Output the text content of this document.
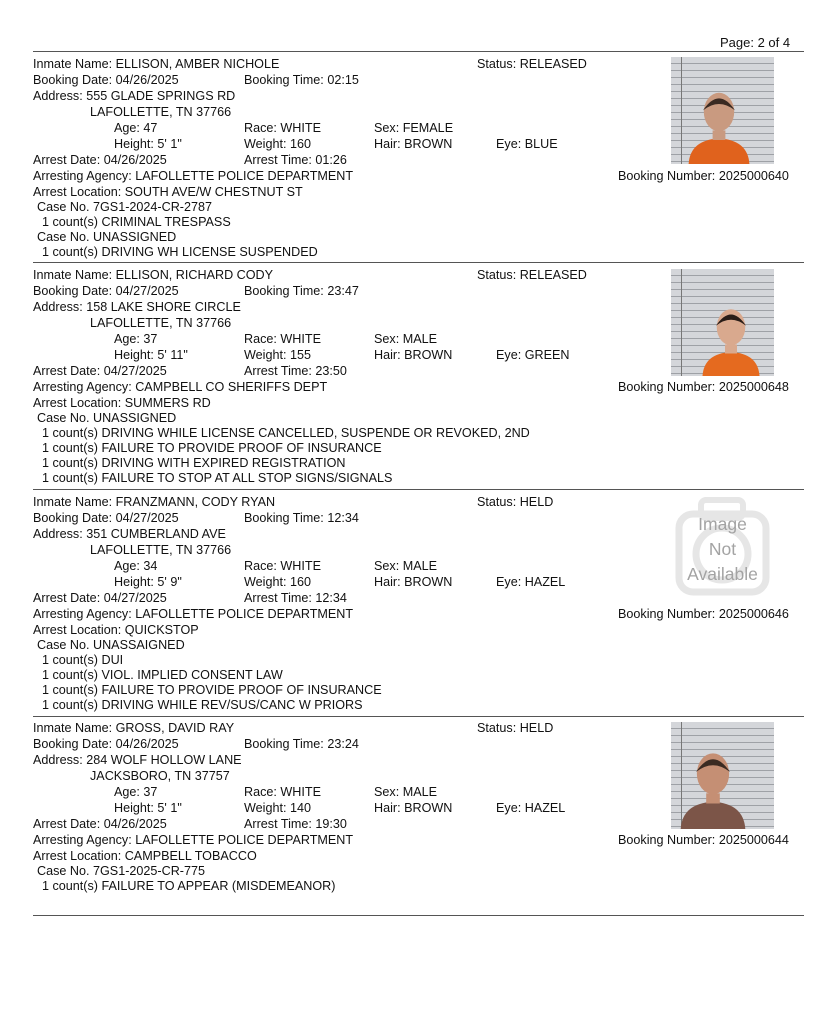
Page: 2 of 4
Inmate Name: ELLISON, AMBER NICHOLE	Status: RELEASED
Booking Date: 04/26/2025	Booking Time: 02:15
Address: 555 GLADE SPRINGS RD
LAFOLLETTE, TN 37766
Age: 47	Race: WHITE	Sex: FEMALE
Height: 5' 1"	Weight: 160	Hair: BROWN	Eye: BLUE
Arrest Date: 04/26/2025	Arrest Time: 01:26
Arresting Agency: LAFOLLETTE POLICE DEPARTMENT	Booking Number: 2025000640
Arrest Location: SOUTH AVE/W CHESTNUT ST
Case No. 7GS1-2024-CR-2787
1 count(s) CRIMINAL TRESPASS
Case No. UNASSIGNED
1 count(s) DRIVING WH LICENSE SUSPENDED
Inmate Name: ELLISON, RICHARD CODY	Status: RELEASED
Booking Date: 04/27/2025	Booking Time: 23:47
Address: 158 LAKE SHORE CIRCLE
LAFOLLETTE, TN 37766
Age: 37	Race: WHITE	Sex: MALE
Height: 5' 11"	Weight: 155	Hair: BROWN	Eye: GREEN
Arrest Date: 04/27/2025	Arrest Time: 23:50
Arresting Agency: CAMPBELL CO SHERIFFS DEPT	Booking Number: 2025000648
Arrest Location: SUMMERS RD
Case No. UNASSIGNED
1 count(s) DRIVING WHILE LICENSE CANCELLED, SUSPENDE OR REVOKED, 2ND
1 count(s) FAILURE TO PROVIDE PROOF OF INSURANCE
1 count(s) DRIVING WITH EXPIRED REGISTRATION
1 count(s) FAILURE TO STOP AT ALL STOP SIGNS/SIGNALS
Inmate Name: FRANZMANN, CODY RYAN	Status: HELD
Booking Date: 04/27/2025	Booking Time: 12:34
Address: 351 CUMBERLAND AVE
LAFOLLETTE, TN 37766
Age: 34	Race: WHITE	Sex: MALE
Height: 5' 9"	Weight: 160	Hair: BROWN	Eye: HAZEL
Arrest Date: 04/27/2025	Arrest Time: 12:34
Arresting Agency: LAFOLLETTE POLICE DEPARTMENT	Booking Number: 2025000646
Arrest Location: QUICKSTOP
Case No. UNASSAIGNED
1 count(s) DUI
1 count(s) VIOL. IMPLIED CONSENT LAW
1 count(s) FAILURE TO PROVIDE PROOF OF INSURANCE
1 count(s) DRIVING WHILE REV/SUS/CANC W PRIORS
Image
Not
Available
Inmate Name: GROSS, DAVID RAY	Status: HELD
Booking Date: 04/26/2025	Booking Time: 23:24
Address: 284 WOLF HOLLOW LANE
JACKSBORO, TN 37757
Age: 37	Race: WHITE	Sex: MALE
Height: 5' 1"	Weight: 140	Hair: BROWN	Eye: HAZEL
Arrest Date: 04/26/2025	Arrest Time: 19:30
Arresting Agency: LAFOLLETTE POLICE DEPARTMENT	Booking Number: 2025000644
Arrest Location: CAMPBELL TOBACCO
Case No. 7GS1-2025-CR-775
1 count(s) FAILURE TO APPEAR (MISDEMEANOR)
